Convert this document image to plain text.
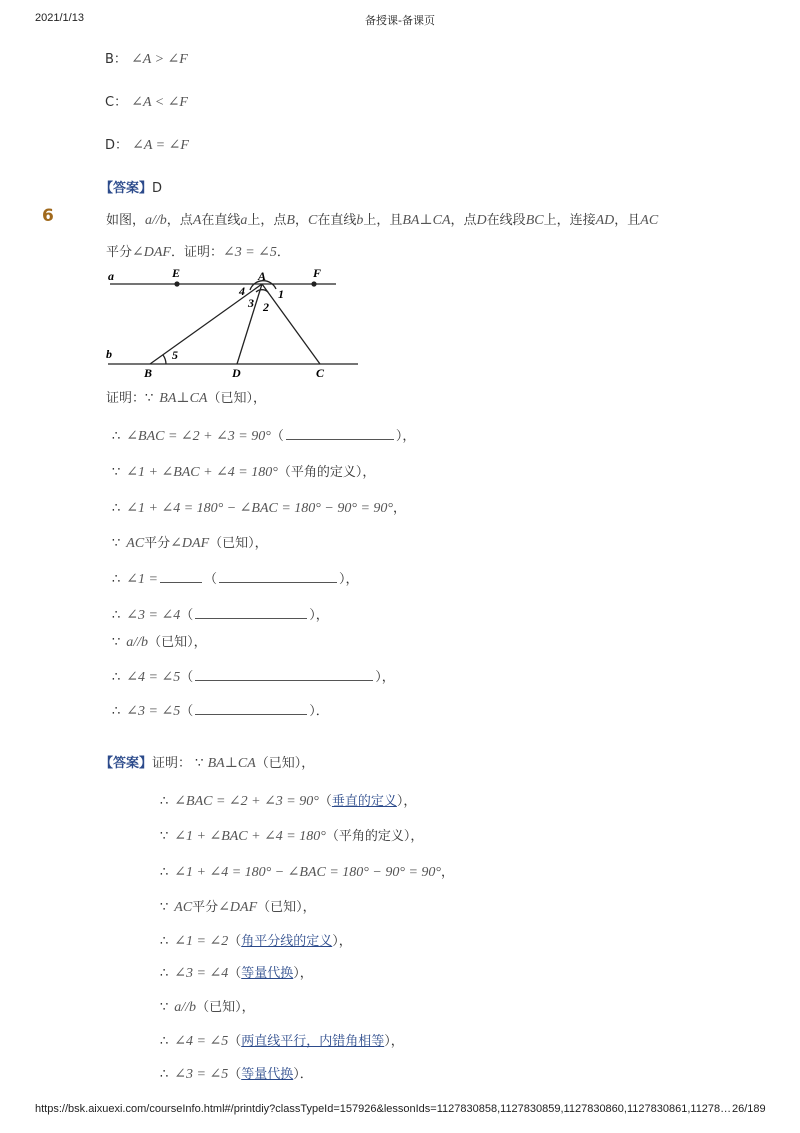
2021/1/13	备授课-备课页
B： ∠A > ∠F
C： ∠A < ∠F
D： ∠A = ∠F
【答案】D
6	如图，a//b，点A在直线a上，点B，C在直线b上，且BA⊥CA，点D在线段BC上，连接AD，且AC
平分∠DAF．证明：∠3 = ∠5．
a
b
E	A	F
B	D	C
1
2
3
4
5
证明：∵ BA⊥CA（已知），
∴ ∠BAC = ∠2 + ∠3 = 90°（	），
∵ ∠1 + ∠BAC + ∠4 = 180°（平角的定义），
∴ ∠1 + ∠4 = 180° − ∠BAC = 180° − 90° = 90°，
∵ AC平分∠DAF（已知），
∴ ∠1 =	（	），
∴ ∠3 = ∠4（	），
∵ a//b（已知），
∴ ∠4 = ∠5（	），
∴ ∠3 = ∠5（	）．
【答案】证明： ∵ BA⊥CA（已知），
∴ ∠BAC = ∠2 + ∠3 = 90°（垂直的定义），
∵ ∠1 + ∠BAC + ∠4 = 180°（平角的定义），
∴ ∠1 + ∠4 = 180° − ∠BAC = 180° − 90° = 90°，
∵ AC平分∠DAF（已知），
∴ ∠1 = ∠2（角平分线的定义），
∴ ∠3 = ∠4（等量代换），
∵ a//b（已知），
∴ ∠4 = ∠5（两直线平行，内错角相等），
∴ ∠3 = ∠5（等量代换）．
https://bsk.aixuexi.com/courseInfo.html#/printdiy?classTypeId=157926&lessonIds=1127830858,1127830859,1127830860,1127830861,11278… 26/189
